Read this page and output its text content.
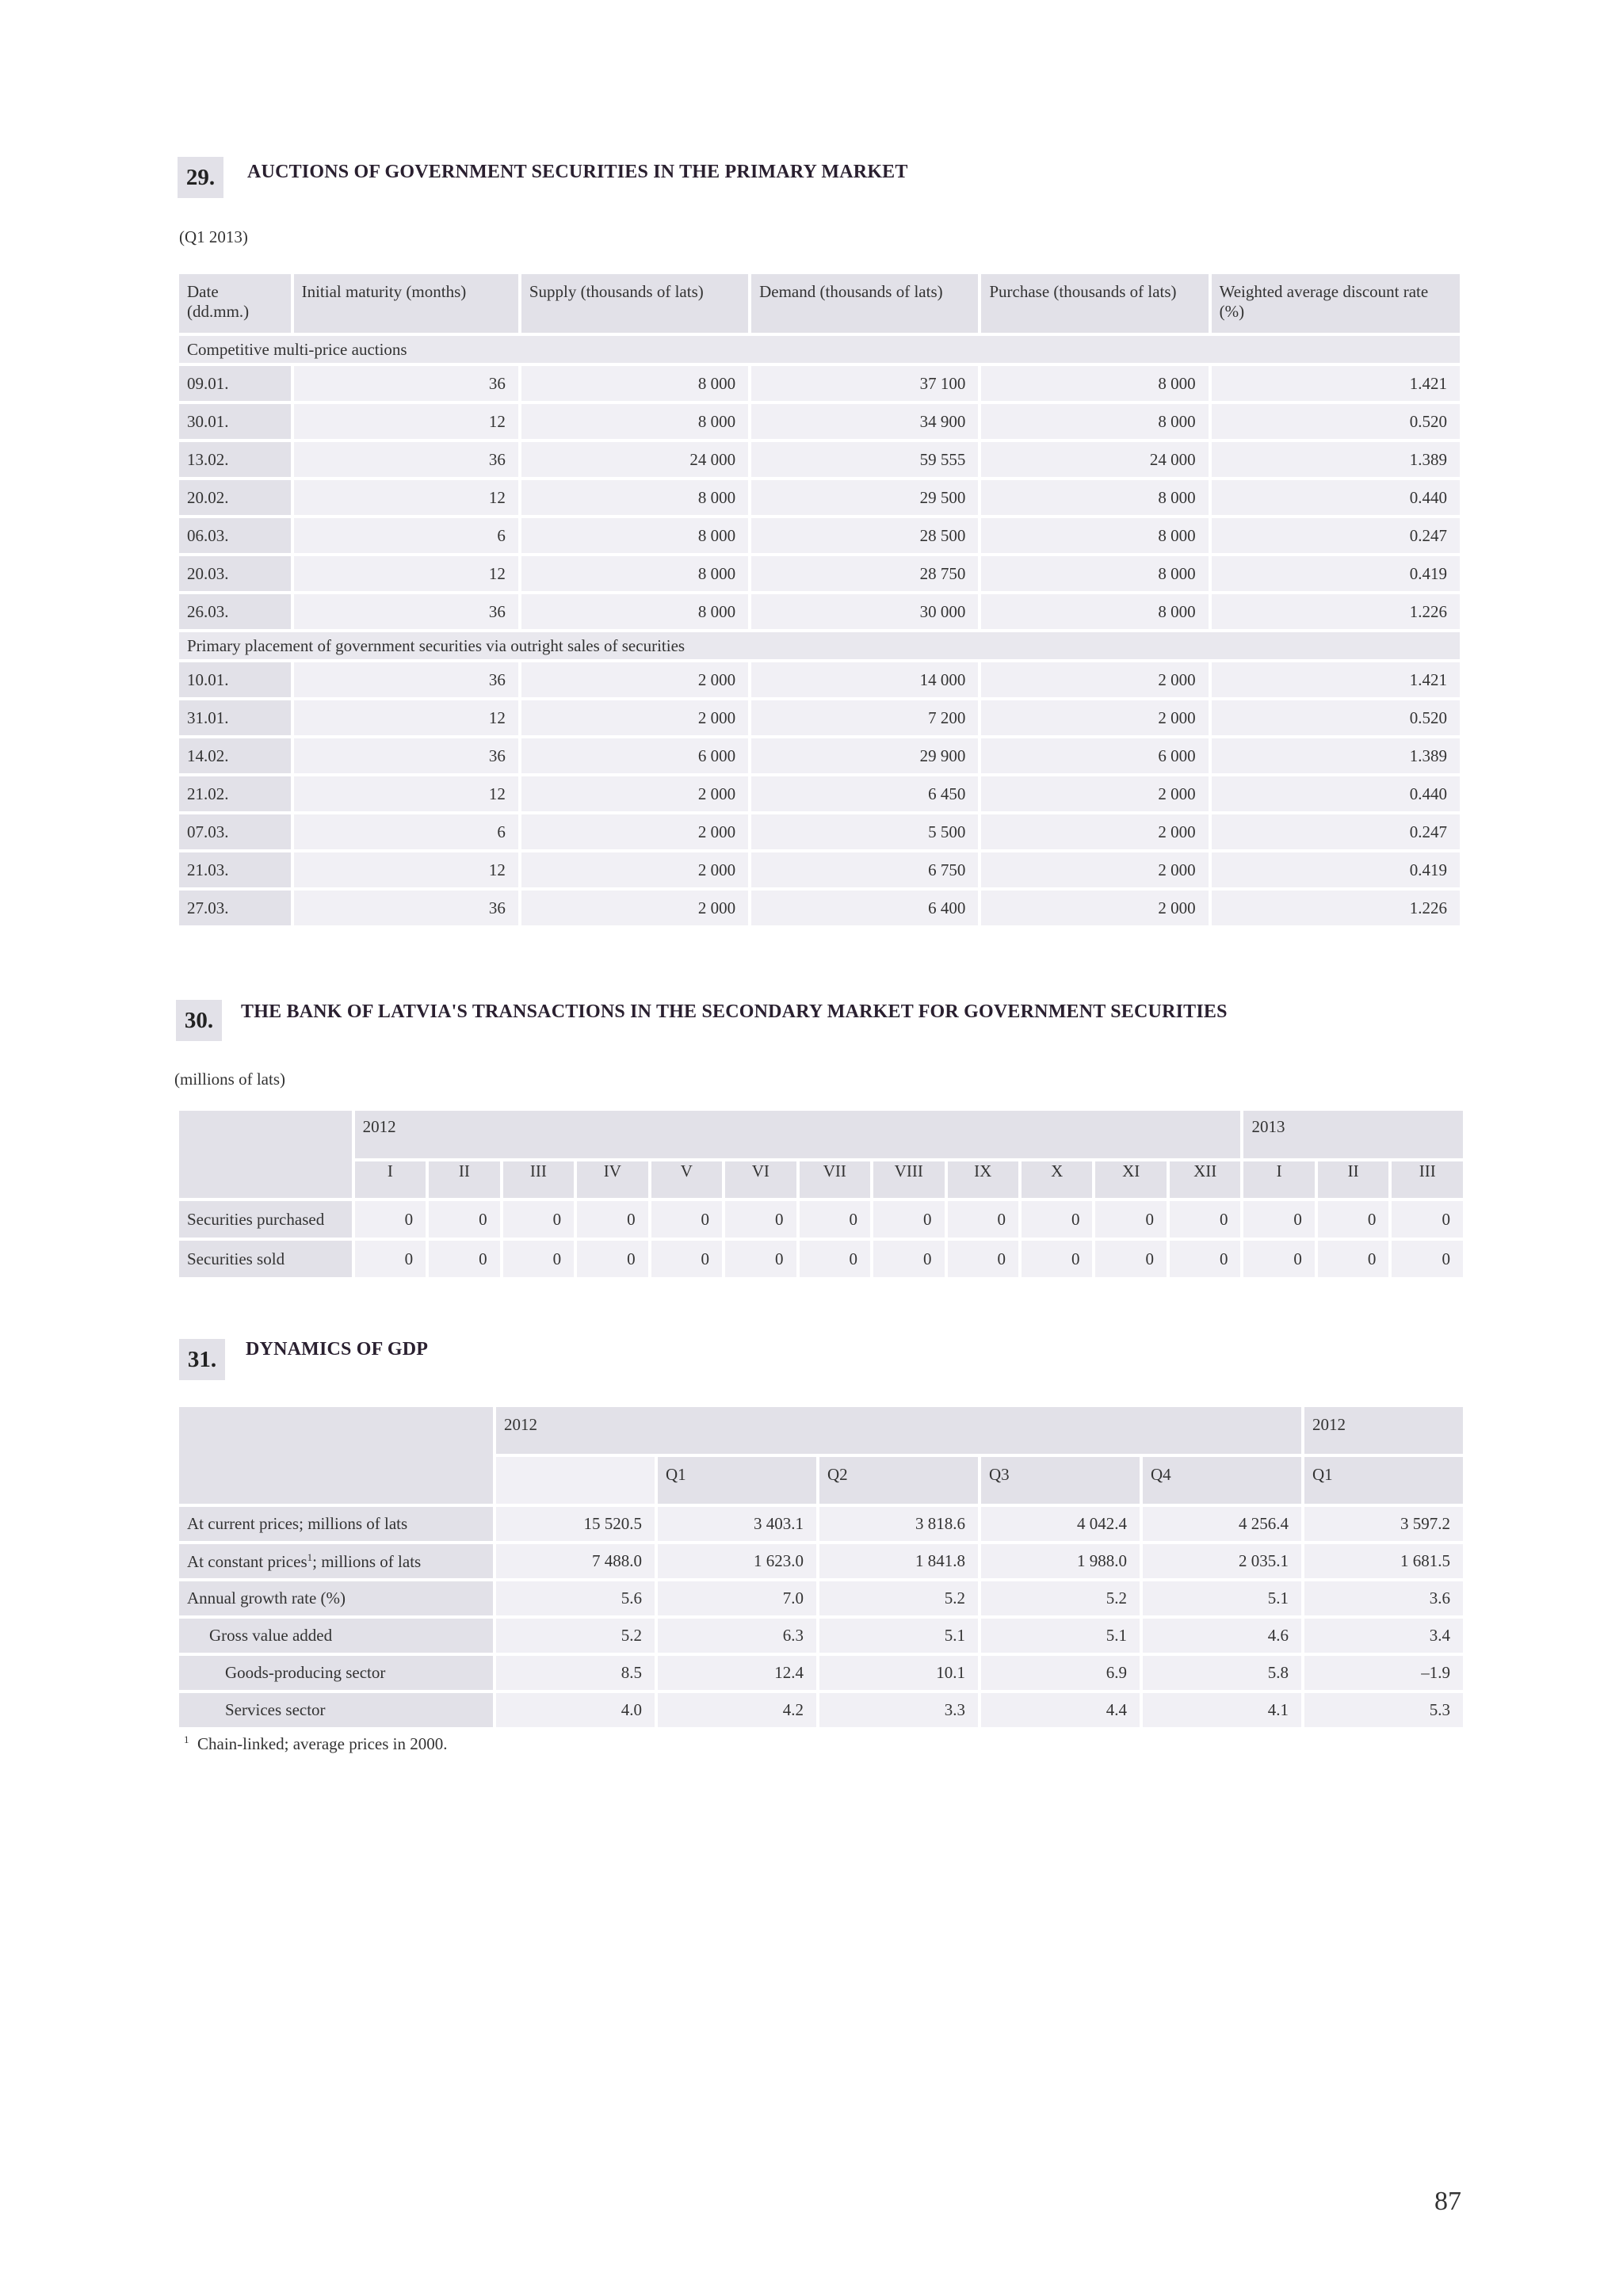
29.	AUCTIONS OF GOVERNMENT SECURITIES IN THE PRIMARY MARKET
(Q1 2013)
Date (dd.mm.)	Initial maturity (months)	Supply (thousands of lats)	Demand (thousands of lats)	Purchase (thousands of lats)	Weighted average discount rate (%)
Competitive multi-price auctions					
09.01.	36	8 000	37 100	8 000	1.421
30.01.	12	8 000	34 900	8 000	0.520
13.02.	36	24 000	59 555	24 000	1.389
20.02.	12	8 000	29 500	8 000	0.440
06.03.	6	8 000	28 500	8 000	0.247
20.03.	12	8 000	28 750	8 000	0.419
26.03.	36	8 000	30 000	8 000	1.226
Primary placement of government securities via outright sales of securities					
10.01.	36	2 000	14 000	2 000	1.421
31.01.	12	2 000	7 200	2 000	0.520
14.02.	36	6 000	29 900	6 000	1.389
21.02.	12	2 000	6 450	2 000	0.440
07.03.	6	2 000	5 500	2 000	0.247
21.03.	12	2 000	6 750	2 000	0.419
27.03.	36	2 000	6 400	2 000	1.226
30.	THE BANK OF LATVIA'S TRANSACTIONS IN THE SECONDARY MARKET FOR GOVERNMENT SECURITIES
(millions of lats)
	2012												2013		
	I	II	III	IV	V	VI	VII	VIII	IX	X	XI	XII	I	II	III
Securities purchased	0	0	0	0	0	0	0	0	0	0	0	0	0	0	0
Securities sold	0	0	0	0	0	0	0	0	0	0	0	0	0	0	0
31.	DYNAMICS OF GDP
	2012					2012
		Q1	Q2	Q3	Q4	Q1
At current prices; millions of lats	15 520.5	3 403.1	3 818.6	4 042.4	4 256.4	3 597.2
At constant prices$^1$; millions of lats	7 488.0	1 623.0	1 841.8	1 988.0	2 035.1	1 681.5
Annual growth rate (%)	5.6	7.0	5.2	5.2	5.1	3.6
Gross value added	5.2	6.3	5.1	5.1	4.6	3.4
Goods-producing sector	8.5	12.4	10.1	6.9	5.8	–1.9
Services sector	4.0	4.2	3.3	4.4	4.1	5.3
$^1$ Chain-linked; average prices in 2000.
87
